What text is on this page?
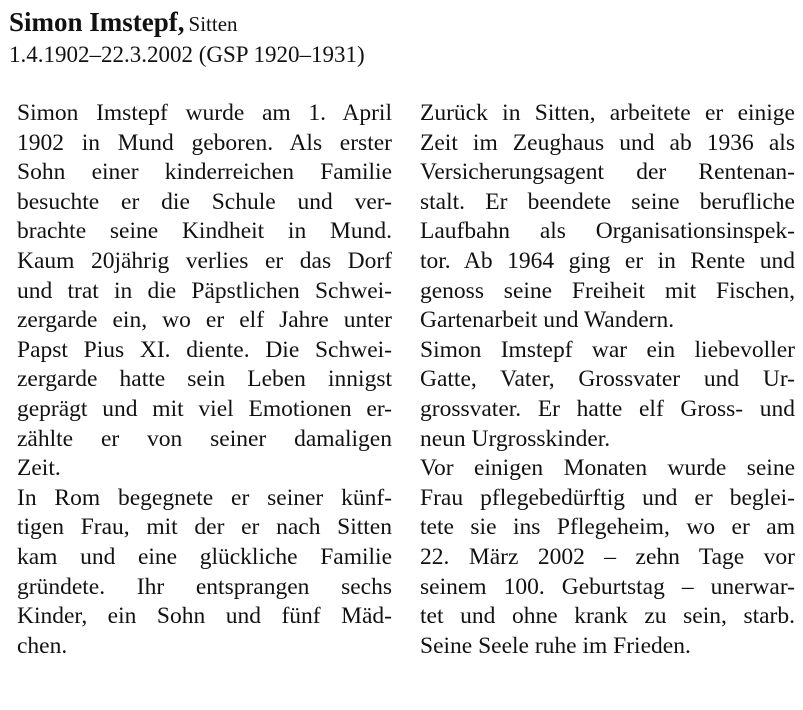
Simon Imstepf, Sitten
1.4.1902–22.3.2002 (GSP 1920–1931)
Simon Imstepf wurde am 1. April
1902 in Mund geboren. Als erster
Sohn einer kinderreichen Familie
besuchte er die Schule und ver-
brachte seine Kindheit in Mund.
Kaum 20jährig verlies er das Dorf
und trat in die Päpstlichen Schwei-
zergarde ein, wo er elf Jahre unter
Papst Pius XI. diente. Die Schwei-
zergarde hatte sein Leben innigst
geprägt und mit viel Emotionen er-
zählte er von seiner damaligen
Zeit.
In Rom begegnete er seiner künf-
tigen Frau, mit der er nach Sitten
kam und eine glückliche Familie
gründete. Ihr entsprangen sechs
Kinder, ein Sohn und fünf Mäd-
chen.
Zurück in Sitten, arbeitete er einige
Zeit im Zeughaus und ab 1936 als
Versicherungsagent der Rentenan-
stalt. Er beendete seine berufliche
Laufbahn als Organisationsinspek-
tor. Ab 1964 ging er in Rente und
genoss seine Freiheit mit Fischen,
Gartenarbeit und Wandern.
Simon Imstepf war ein liebevoller
Gatte, Vater, Grossvater und Ur-
grossvater. Er hatte elf Gross- und
neun Urgrosskinder.
Vor einigen Monaten wurde seine
Frau pflegebedürftig und er beglei-
tete sie ins Pflegeheim, wo er am
22. März 2002 – zehn Tage vor
seinem 100. Geburtstag – unerwar-
tet und ohne krank zu sein, starb.
Seine Seele ruhe im Frieden.
